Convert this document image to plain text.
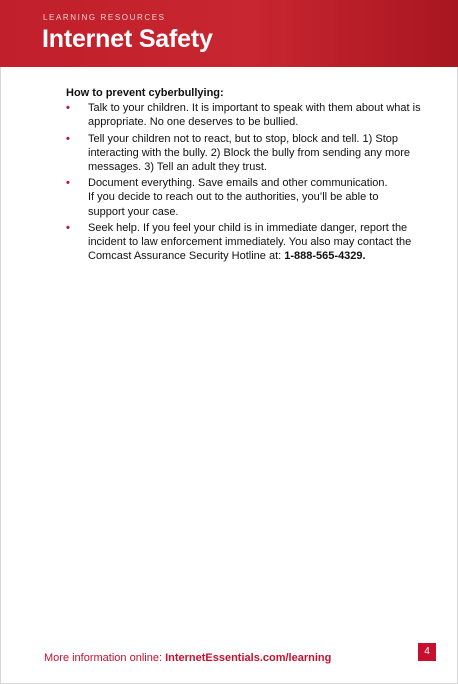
LEARNING RESOURCES
Internet Safety
How to prevent cyberbullying:
• Talk to your children. It is important to speak with them about what is
appropriate. No one deserves to be bullied.
• Tell your children not to react, but to stop, block and tell. 1) Stop
interacting with the bully. 2) Block the bully from sending any more
messages. 3) Tell an adult they trust.
• Document everything. Save emails and other communication.
If you decide to reach out to the authorities, you’ll be able to
support your case.
• Seek help. If you feel your child is in immediate danger, report the
incident to law enforcement immediately. You also may contact the
Comcast Assurance Security Hotline at: 1-888-565-4329.
More information online: InternetEssentials.com/learning
4
